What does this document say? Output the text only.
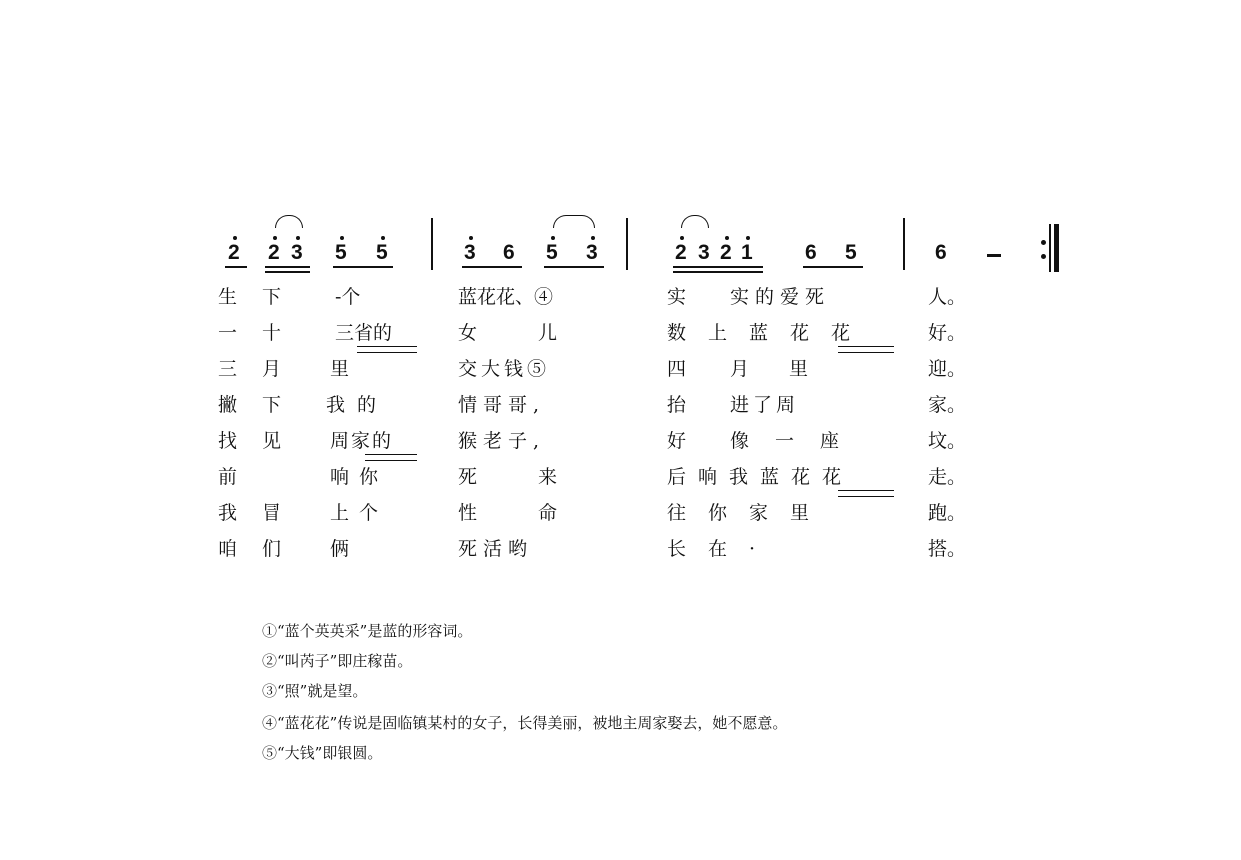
2 2 3 5 5	3 6 5 3	2 3 2 1 6 5	6
生 下	-个	蓝花花、④	实 实的爱死	人。
一 十	三省的	女	儿	数上蓝花花	好。
三 月	里	交大钱⑤	四 月里	迎。
撇 下 我的	情哥哥,	抬 进了周	家。
找 见	周家的	猴老子,	好 像一座	坟。
前	响你	死	来	后响我蓝花花	走。
我 冒	上个	性	命	往你家里	跑。
咱 们	俩	死活哟	长在·	搭。
①“蓝个英英采”是蓝的形容词。
②“叫芮子”即庄稼苗。
③“照”就是望。
④“蓝花花”传说是固临镇某村的女子，长得美丽，被地主周家娶去，她不愿意。
⑤“大钱”即银圆。
